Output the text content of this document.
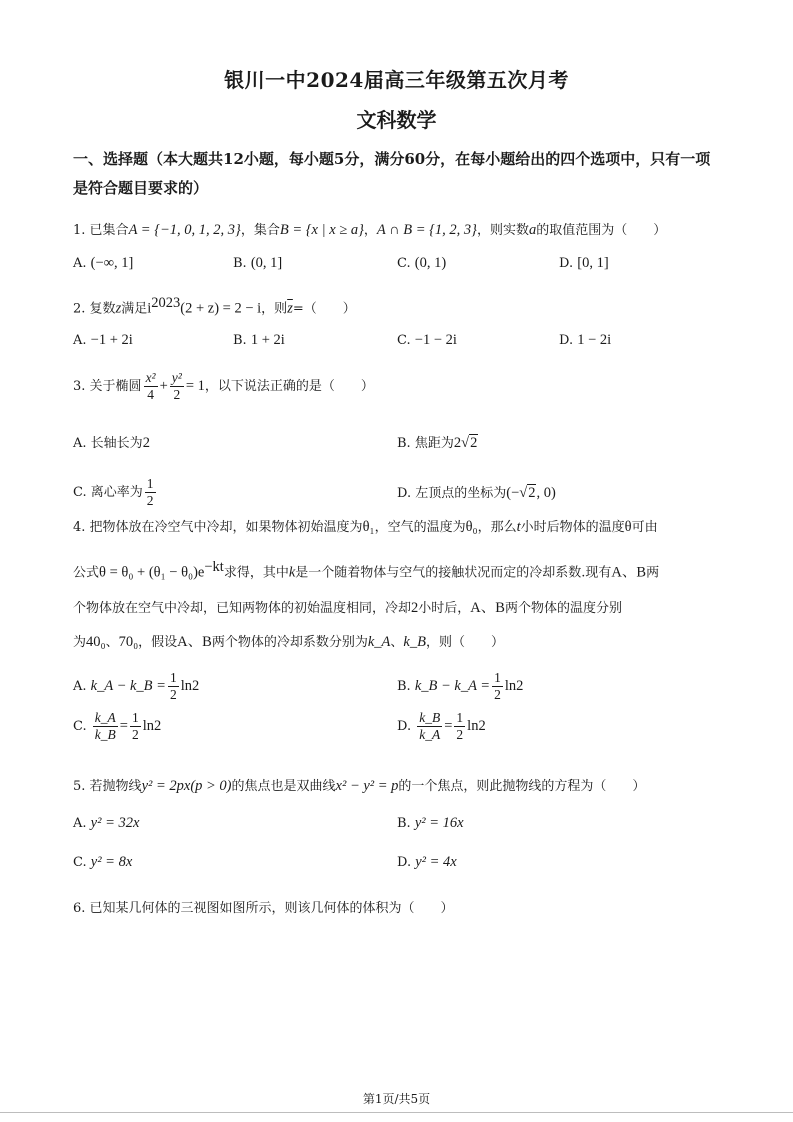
银川一中2024届高三年级第五次月考
文科数学
一、选择题（本大题共12小题，每小题5分，满分60分，在每小题给出的四个选项中，只有一项是符合题目要求的）
1. 已集合A = {−1, 0, 1, 2, 3}，集合B = {x | x ≥ a}，A ∩ B = {1, 2, 3}，则实数a的取值范围为（　　）
A. (−∞, 1]	B. (0, 1]	C. (0, 1)	D. [0, 1]
2. 复数z满足$i^{2023}(2 + z) = 2 - i$，则$\overline{z}=$（　　）
A. −1 + 2i	B. 1 + 2i	C. −1 − 2i	D. 1 − 2i
3. 关于椭圆 $\frac{\text{x²}}{4} + \frac{\text{y²}}{2} = 1$，以下说法正确的是（　　）
A. 长轴长为2	B. 焦距为2√2
C. 离心率为 $\frac{1}{2}$	D. 左顶点的坐标为(−√2, 0)
4. 把物体放在冷空气中冷却，如果物体初始温度为θ₁，空气的温度为θ₀，那么t小时后物体的温度θ可由
公式$\theta = \theta_0 + (\theta_1 - \theta_0)e^{-kt}$求得，其中k是一个随着物体与空气的接触状况而定的冷却系数.现有A、B两
个物体放在空气中冷却，已知两物体的初始温度相同，冷却2小时后，A、B两个物体的温度分别
为40₀、70₀，假设A、B两个物体的冷却系数分别为k_A、k_B，则（　　）
A. k_A − k_B = $\frac{1}{2} \ln 2$	B. k_B − k_A = $\frac{1}{2} \ln 2$
C. $\frac{k\_A}{k\_B} = \frac{1}{2} \ln 2$	D. $\frac{k\_B}{k\_A} = \frac{1}{2} \ln 2$
5. 若抛物线y² = 2px(p > 0)的焦点也是双曲线x² − y² = p的一个焦点，则此抛物线的方程为（　　）
A. y² = 32x	B. y² = 16x
C. y² = 8x	D. y² = 4x
6. 已知某几何体的三视图如图所示，则该几何体的体积为（　　）
第1页/共5页
